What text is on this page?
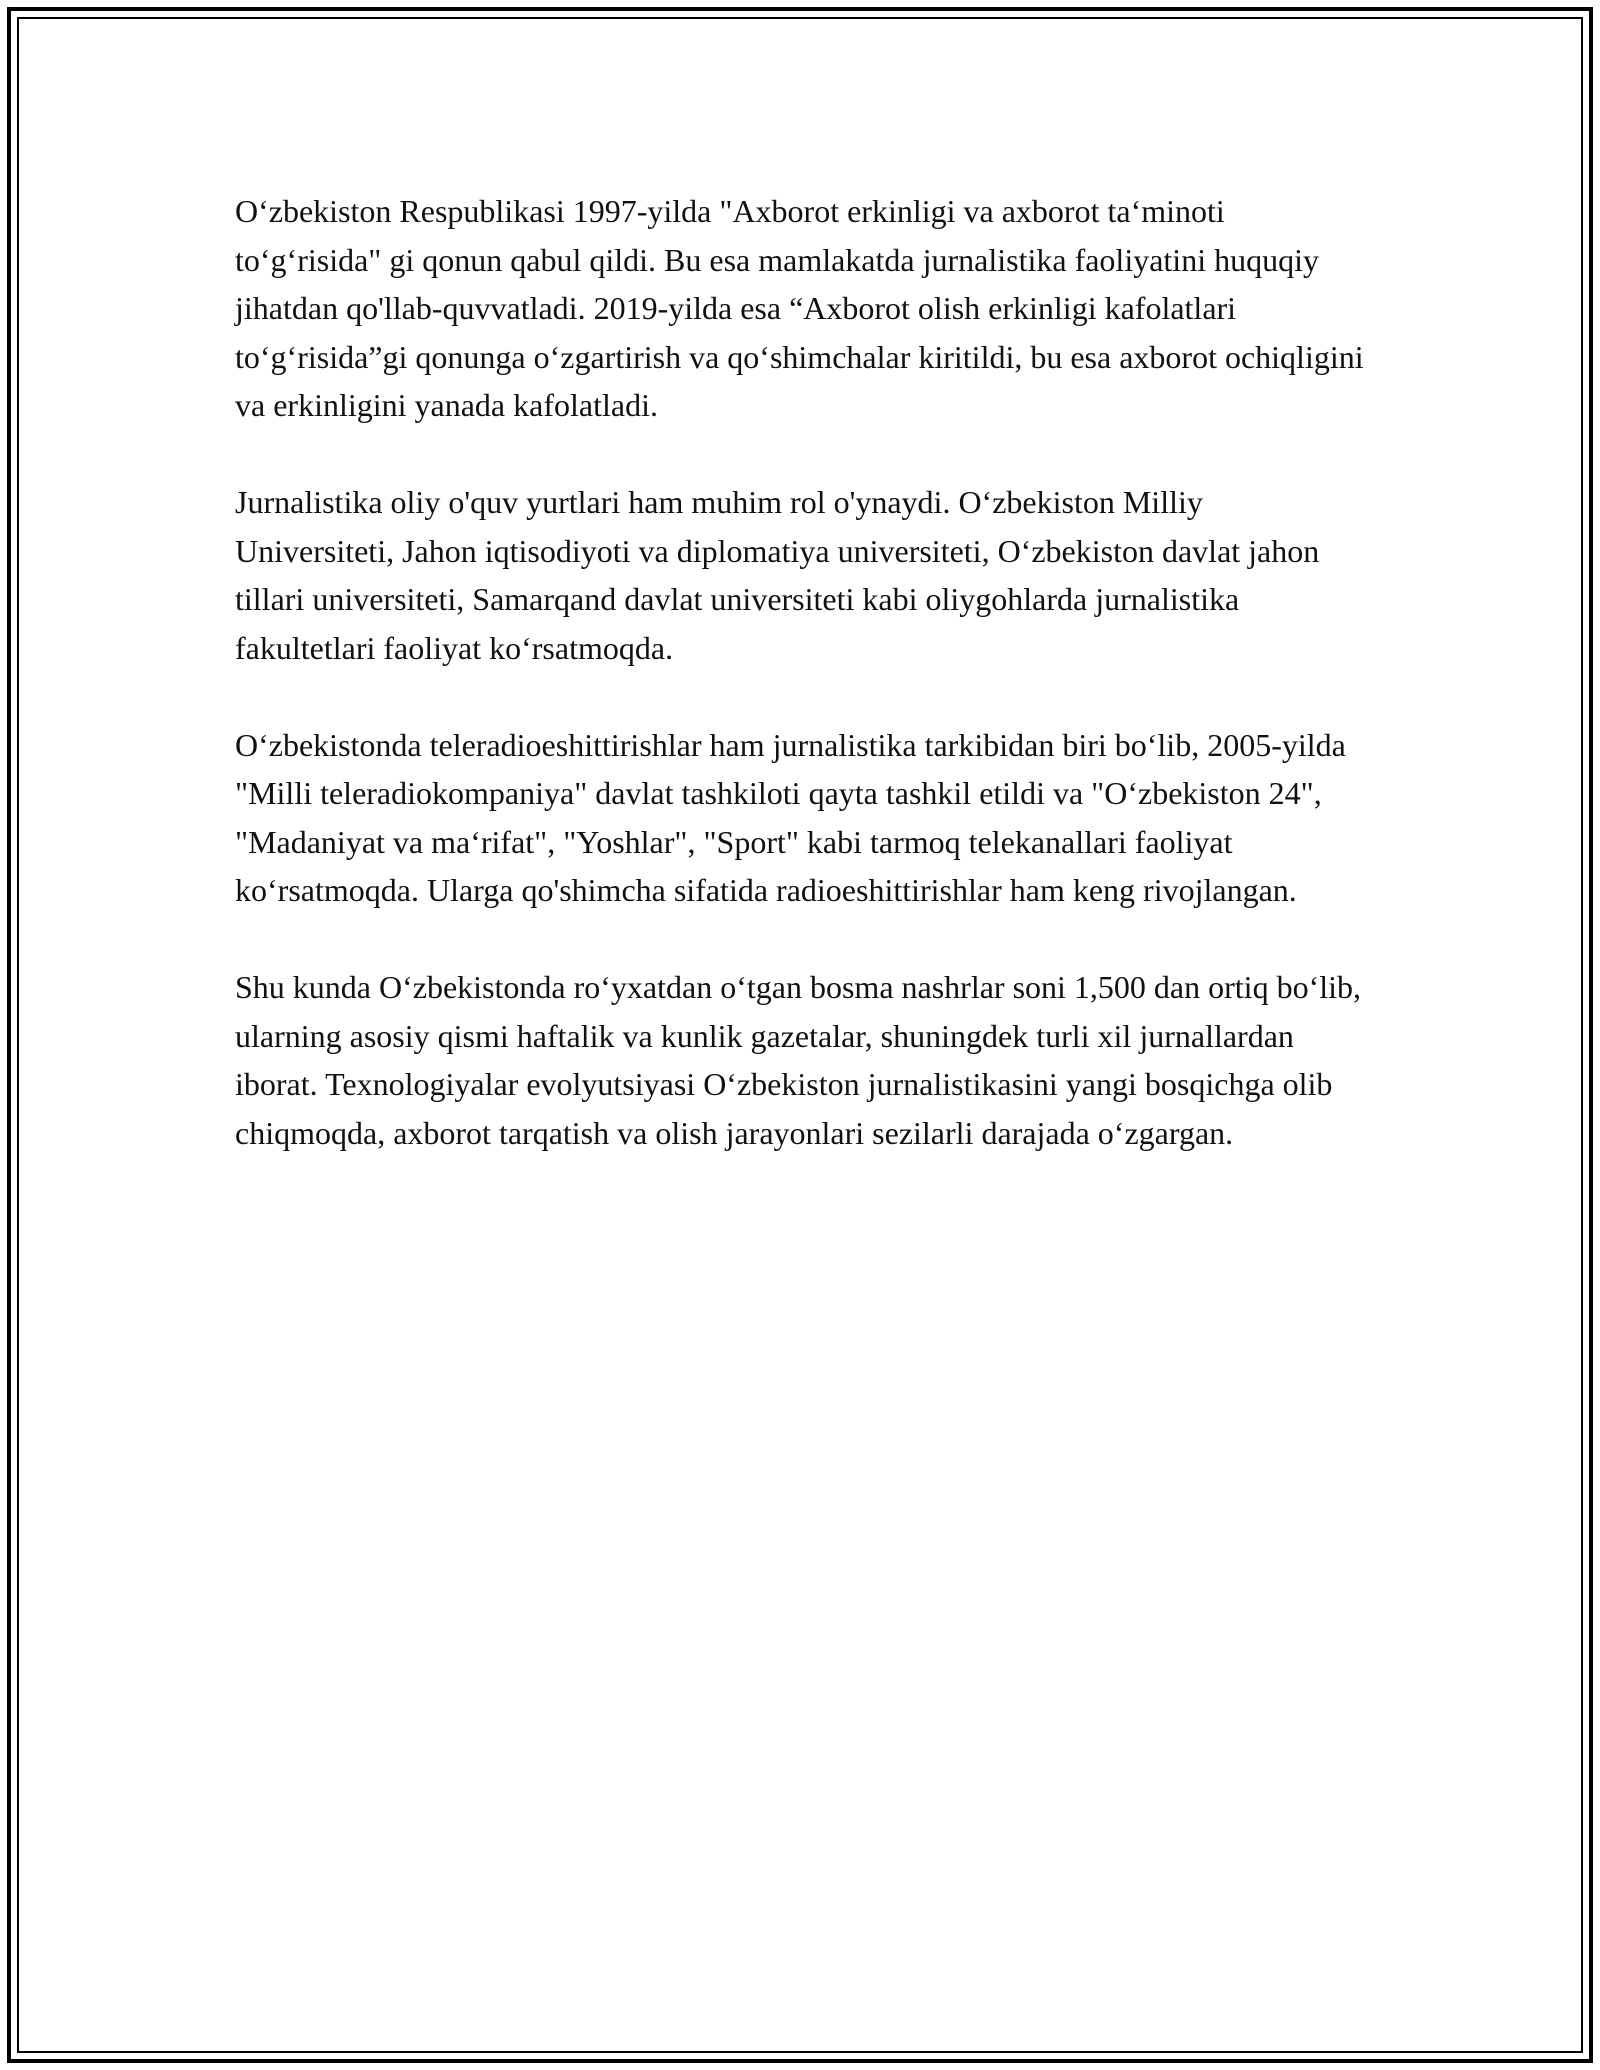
O‘zbekiston Respublikasi 1997-yilda "Axborot erkinligi va axborot ta‘minoti to‘g‘risida" gi qonun qabul qildi. Bu esa mamlakatda jurnalistika faoliyatini huquqiy jihatdan qo'llab-quvvatladi. 2019-yilda esa “Axborot olish erkinligi kafolatlari to‘g‘risida”gi qonunga o‘zgartirish va qo‘shimchalar kiritildi, bu esa axborot ochiqligini va erkinligini yanada kafolatladi.

Jurnalistika oliy o'quv yurtlari ham muhim rol o'ynaydi. O‘zbekiston Milliy Universiteti, Jahon iqtisodiyoti va diplomatiya universiteti, O‘zbekiston davlat jahon tillari universiteti, Samarqand davlat universiteti kabi oliygohlarda jurnalistika fakultetlari faoliyat ko‘rsatmoqda.

O‘zbekistonda teleradioeshittirishlar ham jurnalistika tarkibidan biri bo‘lib, 2005-yilda "Milli teleradiokompaniya" davlat tashkiloti qayta tashkil etildi va "O‘zbekiston 24", "Madaniyat va ma‘rifat", "Yoshlar", "Sport" kabi tarmoq telekanallari faoliyat ko‘rsatmoqda. Ularga qo'shimcha sifatida radioeshittirishlar ham keng rivojlangan.

Shu kunda O‘zbekistonda ro‘yxatdan o‘tgan bosma nashrlar soni 1,500 dan ortiq bo‘lib, ularning asosiy qismi haftalik va kunlik gazetalar, shuningdek turli xil jurnallardan iborat. Texnologiyalar evolyutsiyasi O‘zbekiston jurnalistikasini yangi bosqichga olib chiqmoqda, axborot tarqatish va olish jarayonlari sezilarli darajada o‘zgargan.
